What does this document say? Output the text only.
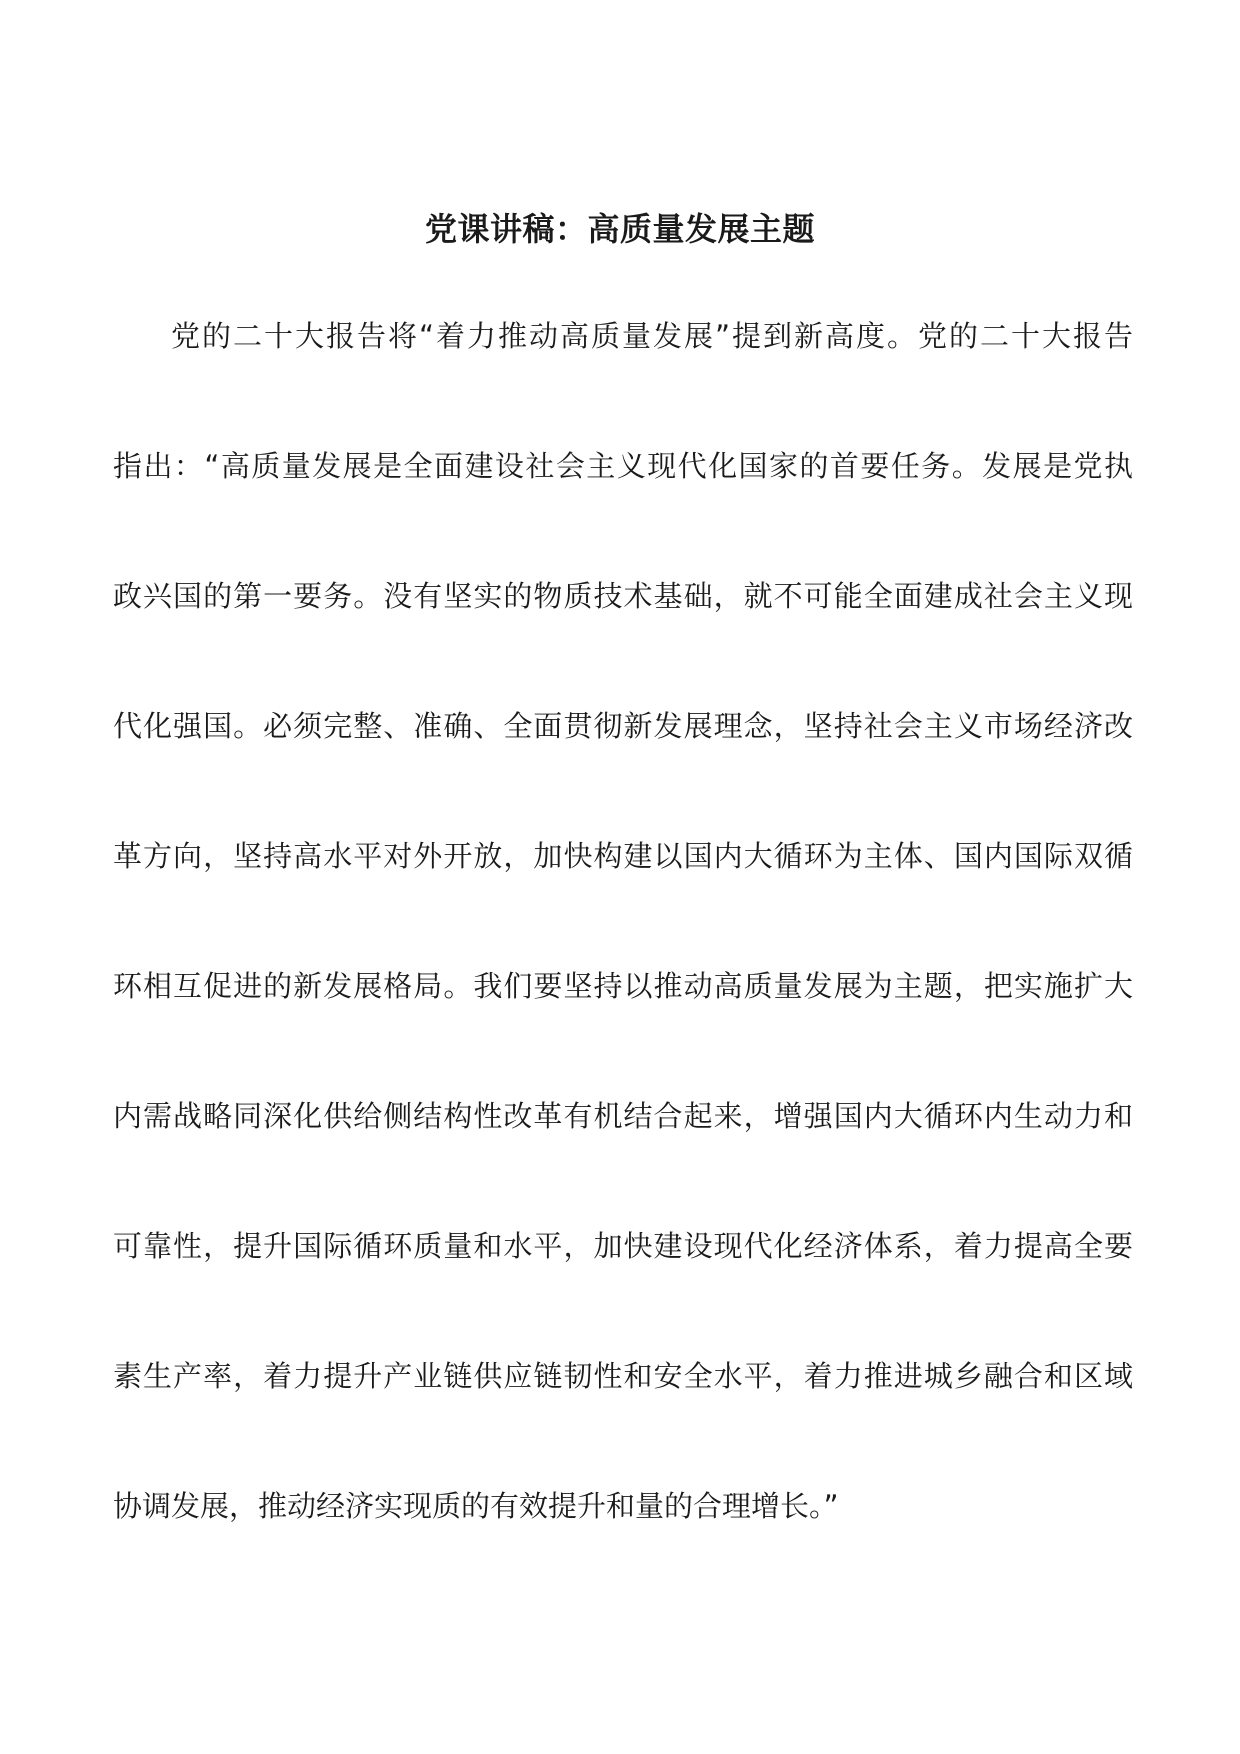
党课讲稿：高质量发展主题
党的二十大报告将“着力推动高质量发展”提到新高度。党的二十大报告
指出：“高质量发展是全面建设社会主义现代化国家的首要任务。发展是党执
政兴国的第一要务。没有坚实的物质技术基础，就不可能全面建成社会主义现
代化强国。必须完整、准确、全面贯彻新发展理念，坚持社会主义市场经济改
革方向，坚持高水平对外开放，加快构建以国内大循环为主体、国内国际双循
环相互促进的新发展格局。我们要坚持以推动高质量发展为主题，把实施扩大
内需战略同深化供给侧结构性改革有机结合起来，增强国内大循环内生动力和
可靠性，提升国际循环质量和水平，加快建设现代化经济体系，着力提高全要
素生产率，着力提升产业链供应链韧性和安全水平，着力推进城乡融合和区域
协调发展，推动经济实现质的有效提升和量的合理增长。”
